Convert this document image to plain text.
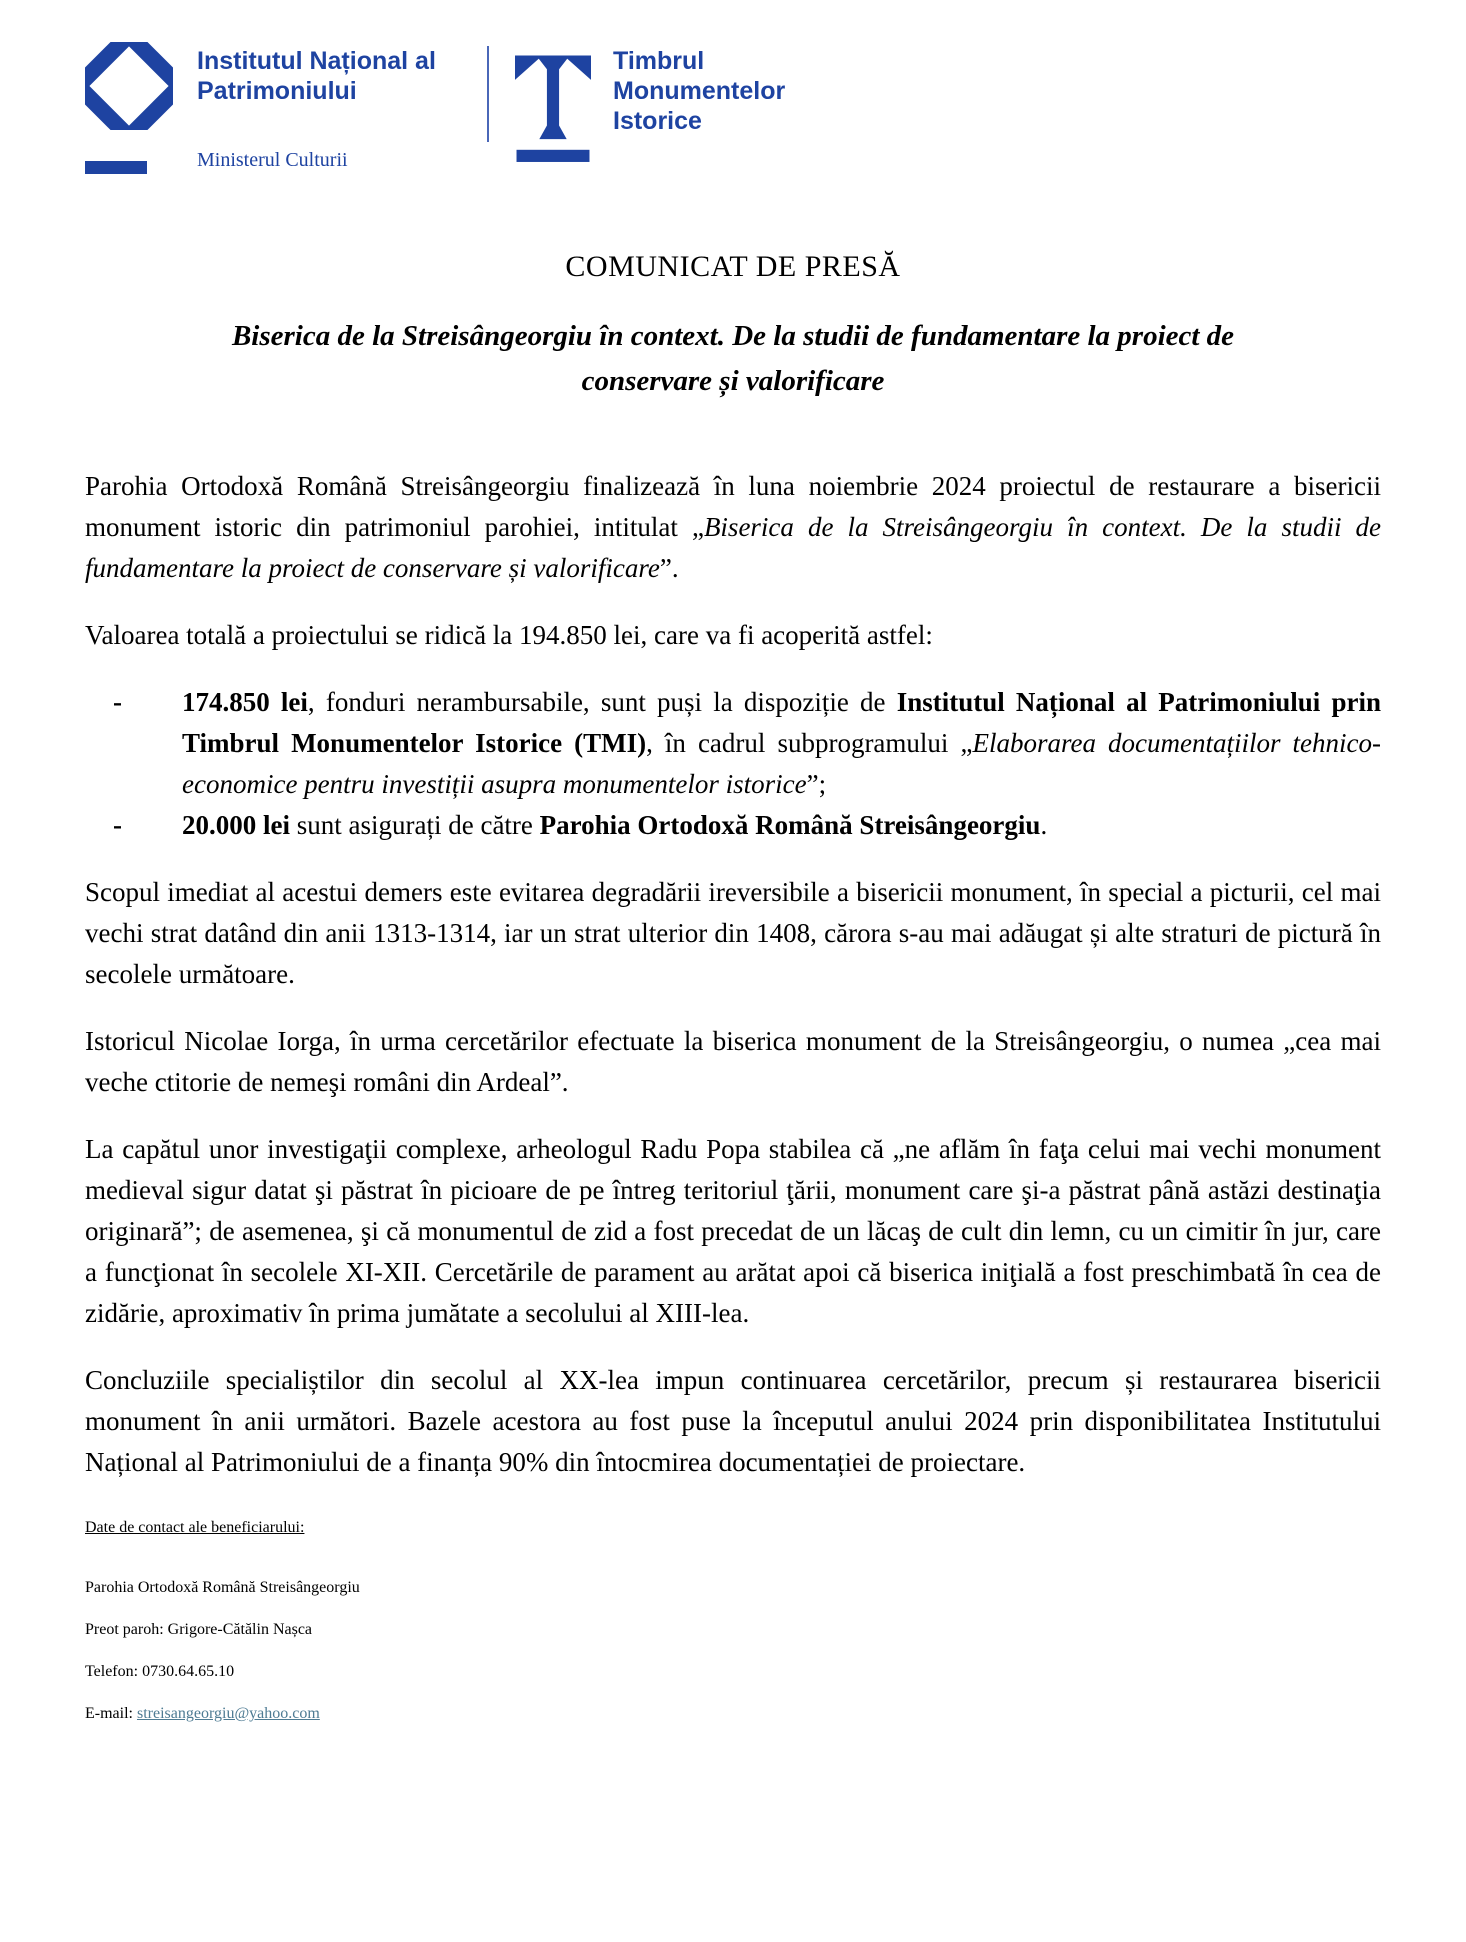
Institutul Național al Patrimoniului
Ministerul Culturii
Timbrul Monumentelor Istorice
COMUNICAT DE PRESĂ
Biserica de la Streisângeorgiu în context. De la studii de fundamentare la proiect de
conservare și valorificare
Parohia Ortodoxă Română Streisângeorgiu finalizează în luna noiembrie 2024 proiectul de restaurare a bisericii monument istoric din patrimoniul parohiei, intitulat „Biserica de la Streisângeorgiu în context. De la studii de fundamentare la proiect de conservare și valorificare”.
Valoarea totală a proiectului se ridică la 194.850 lei, care va fi acoperită astfel:
- 174.850 lei, fonduri nerambursabile, sunt puși la dispoziție de Institutul Național al Patrimoniului prin Timbrul Monumentelor Istorice (TMI), în cadrul subprogramului „Elaborarea documentațiilor tehnico-economice pentru investiții asupra monumentelor istorice”;
- 20.000 lei sunt asigurați de către Parohia Ortodoxă Română Streisângeorgiu.
Scopul imediat al acestui demers este evitarea degradării ireversibile a bisericii monument, în special a picturii, cel mai vechi strat datând din anii 1313-1314, iar un strat ulterior din 1408, cărora s-au mai adăugat și alte straturi de pictură în secolele următoare.
Istoricul Nicolae Iorga, în urma cercetărilor efectuate la biserica monument de la Streisângeorgiu, o numea „cea mai veche ctitorie de nemeşi români din Ardeal”.
La capătul unor investigaţii complexe, arheologul Radu Popa stabilea că „ne aflăm în faţa celui mai vechi monument medieval sigur datat şi păstrat în picioare de pe întreg teritoriul ţării, monument care şi-a păstrat până astăzi destinaţia originară”; de asemenea, şi că monumentul de zid a fost precedat de un lăcaş de cult din lemn, cu un cimitir în jur, care a funcţionat în secolele XI-XII. Cercetările de parament au arătat apoi că biserica iniţială a fost preschimbată în cea de zidărie, aproximativ în prima jumătate a secolului al XIII-lea.
Concluziile specialiștilor din secolul al XX-lea impun continuarea cercetărilor, precum și restaurarea bisericii monument în anii următori. Bazele acestora au fost puse la începutul anului 2024 prin disponibilitatea Institutului Național al Patrimoniului de a finanța 90% din întocmirea documentației de proiectare.
Date de contact ale beneficiarului:
Parohia Ortodoxă Română Streisângeorgiu
Preot paroh: Grigore-Cătălin Nașca
Telefon: 0730.64.65.10
E-mail: streisangeorgiu@yahoo.com
